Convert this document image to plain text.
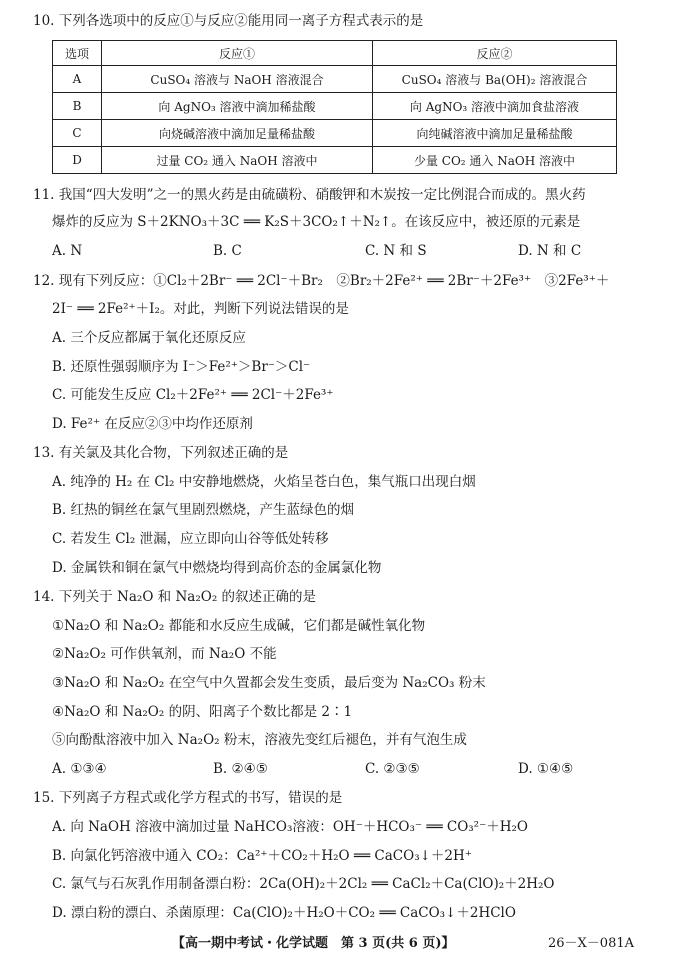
10. 下列各选项中的反应①与反应②能用同一离子方程式表示的是
选项	反应①	反应②
A	CuSO₄ 溶液与 NaOH 溶液混合	CuSO₄ 溶液与 Ba(OH)₂ 溶液混合
B	向 AgNO₃ 溶液中滴加稀盐酸	向 AgNO₃ 溶液中滴加食盐溶液
C	向烧碱溶液中滴加足量稀盐酸	向纯碱溶液中滴加足量稀盐酸
D	过量 CO₂ 通入 NaOH 溶液中	少量 CO₂ 通入 NaOH 溶液中
11. 我国“四大发明”之一的黑火药是由硫磺粉、硝酸钾和木炭按一定比例混合而成的。黑火药
爆炸的反应为 S＋2KNO₃＋3C ══ K₂S＋3CO₂↑＋N₂↑。在该反应中，被还原的元素是
A. N	B. C	C. N 和 S	D. N 和 C
12. 现有下列反应：①Cl₂＋2Br⁻ ══ 2Cl⁻＋Br₂　②Br₂＋2Fe²⁺ ══ 2Br⁻＋2Fe³⁺　③2Fe³⁺＋
2I⁻ ══ 2Fe²⁺＋I₂。对此，判断下列说法错误的是
A. 三个反应都属于氧化还原反应
B. 还原性强弱顺序为 I⁻＞Fe²⁺＞Br⁻＞Cl⁻
C. 可能发生反应 Cl₂＋2Fe²⁺ ══ 2Cl⁻＋2Fe³⁺
D. Fe²⁺ 在反应②③中均作还原剂
13. 有关氯及其化合物，下列叙述正确的是
A. 纯净的 H₂ 在 Cl₂ 中安静地燃烧，火焰呈苍白色，集气瓶口出现白烟
B. 红热的铜丝在氯气里剧烈燃烧，产生蓝绿色的烟
C. 若发生 Cl₂ 泄漏，应立即向山谷等低处转移
D. 金属铁和铜在氯气中燃烧均得到高价态的金属氯化物
14. 下列关于 Na₂O 和 Na₂O₂ 的叙述正确的是
①Na₂O 和 Na₂O₂ 都能和水反应生成碱，它们都是碱性氧化物
②Na₂O₂ 可作供氧剂，而 Na₂O 不能
③Na₂O 和 Na₂O₂ 在空气中久置都会发生变质，最后变为 Na₂CO₃ 粉末
④Na₂O 和 Na₂O₂ 的阴、阳离子个数比都是 2∶1
⑤向酚酞溶液中加入 Na₂O₂ 粉末，溶液先变红后褪色，并有气泡生成
A. ①③④	B. ②④⑤	C. ②③⑤	D. ①④⑤
15. 下列离子方程式或化学方程式的书写，错误的是
A. 向 NaOH 溶液中滴加过量 NaHCO₃溶液：OH⁻＋HCO₃⁻ ══ CO₃²⁻＋H₂O
B. 向氯化钙溶液中通入 CO₂：Ca²⁺＋CO₂＋H₂O ══ CaCO₃↓＋2H⁺
C. 氯气与石灰乳作用制备漂白粉：2Ca(OH)₂＋2Cl₂ ══ CaCl₂＋Ca(ClO)₂＋2H₂O
D. 漂白粉的漂白、杀菌原理：Ca(ClO)₂＋H₂O＋CO₂ ══ CaCO₃↓＋2HClO
【高一期中考试・化学试题　第 3 页(共 6 页)】	26－X－081A
